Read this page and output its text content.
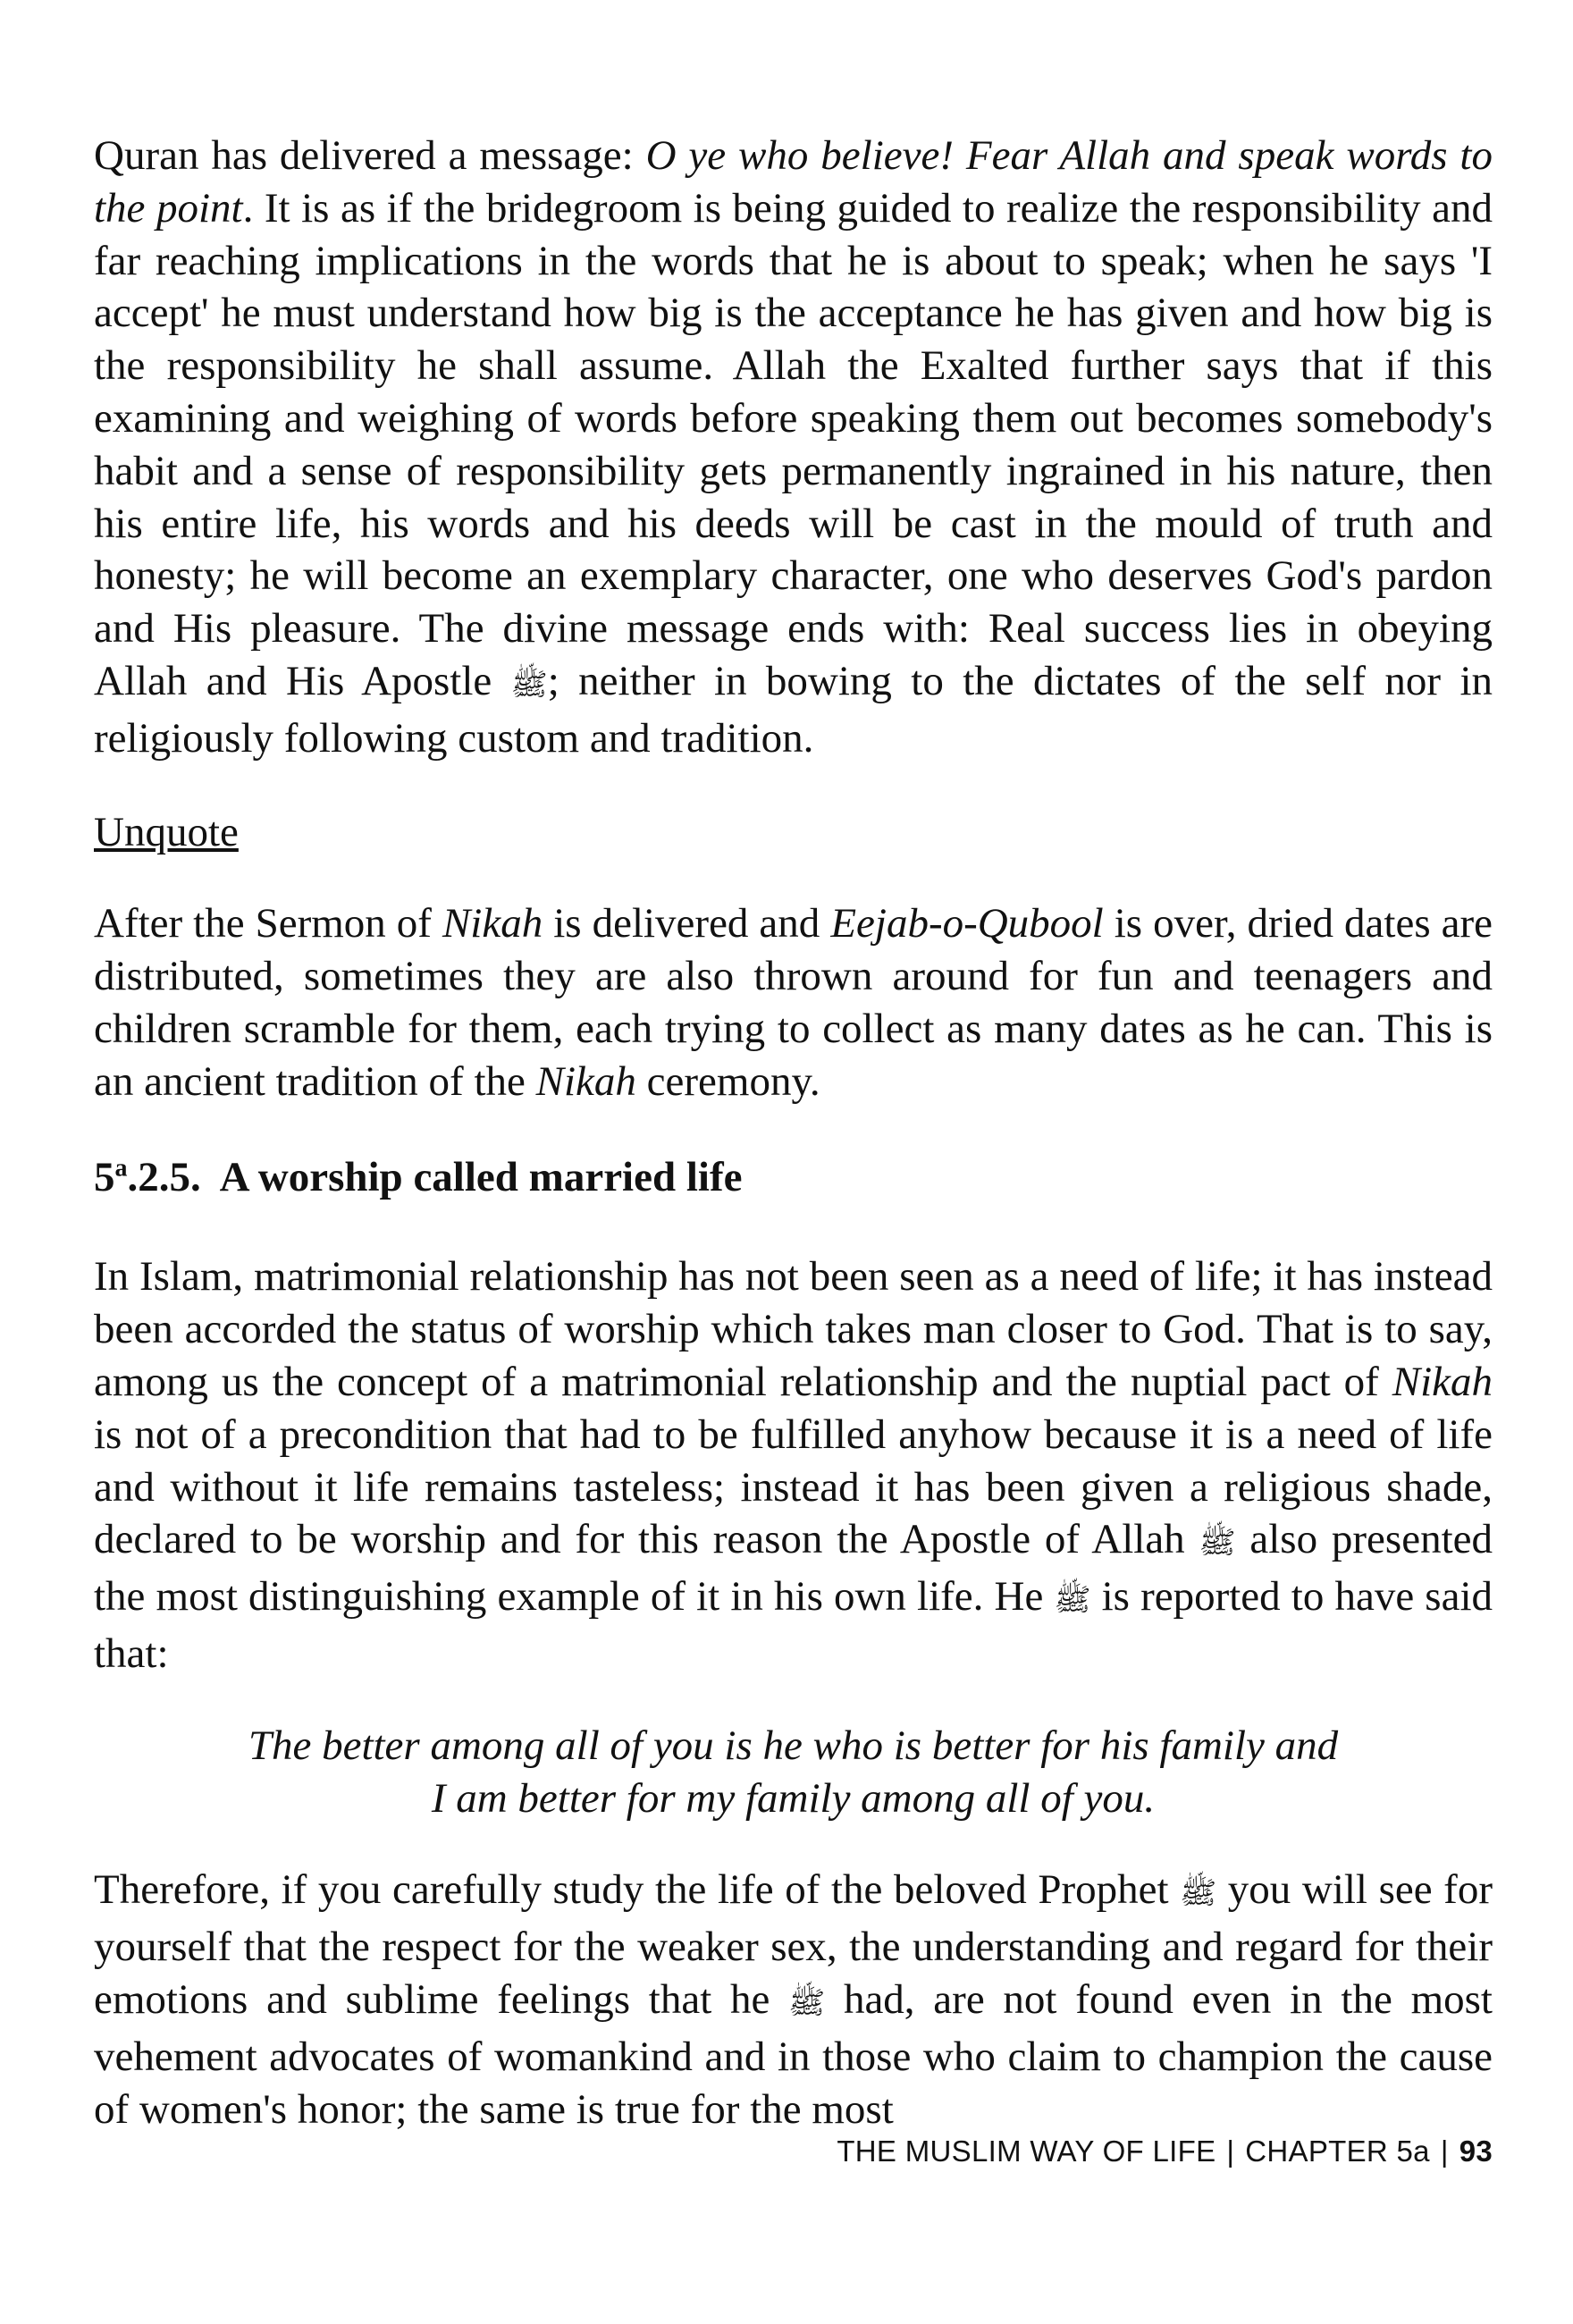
Quran has delivered a message: O ye who believe! Fear Allah and speak words to the point. It is as if the bridegroom is being guided to realize the responsibility and far reaching implications in the words that he is about to speak; when he says 'I accept' he must understand how big is the acceptance he has given and how big is the responsibility he shall assume. Allah the Exalted further says that if this examining and weighing of words before speaking them out becomes somebody's habit and a sense of responsibility gets permanently ingrained in his nature, then his entire life, his words and his deeds will be cast in the mould of truth and honesty; he will become an exemplary character, one who deserves God's pardon and His pleasure. The divine message ends with: Real success lies in obeying Allah and His Apostle ﷺ; neither in bowing to the dictates of the self nor in religiously following custom and tradition.

Unquote

After the Sermon of Nikah is delivered and Eejab-o-Qubool is over, dried dates are distributed, sometimes they are also thrown around for fun and teenagers and children scramble for them, each trying to collect as many dates as he can. This is an ancient tradition of the Nikah ceremony.

5$^a$.2.5. A worship called married life

In Islam, matrimonial relationship has not been seen as a need of life; it has instead been accorded the status of worship which takes man closer to God. That is to say, among us the concept of a matrimonial relationship and the nuptial pact of Nikah is not of a precondition that had to be fulfilled anyhow because it is a need of life and without it life remains tasteless; instead it has been given a religious shade, declared to be worship and for this reason the Apostle of Allah ﷺ also presented the most distinguishing example of it in his own life. He ﷺ is reported to have said that:

The better among all of you is he who is better for his family and
I am better for my family among all of you.

Therefore, if you carefully study the life of the beloved Prophet ﷺ you will see for yourself that the respect for the weaker sex, the understanding and regard for their emotions and sublime feelings that he ﷺ had, are not found even in the most vehement advocates of womankind and in those who claim to champion the cause of women's honor; the same is true for the most

THE MUSLIM WAY OF LIFE | CHAPTER 5a | 93
